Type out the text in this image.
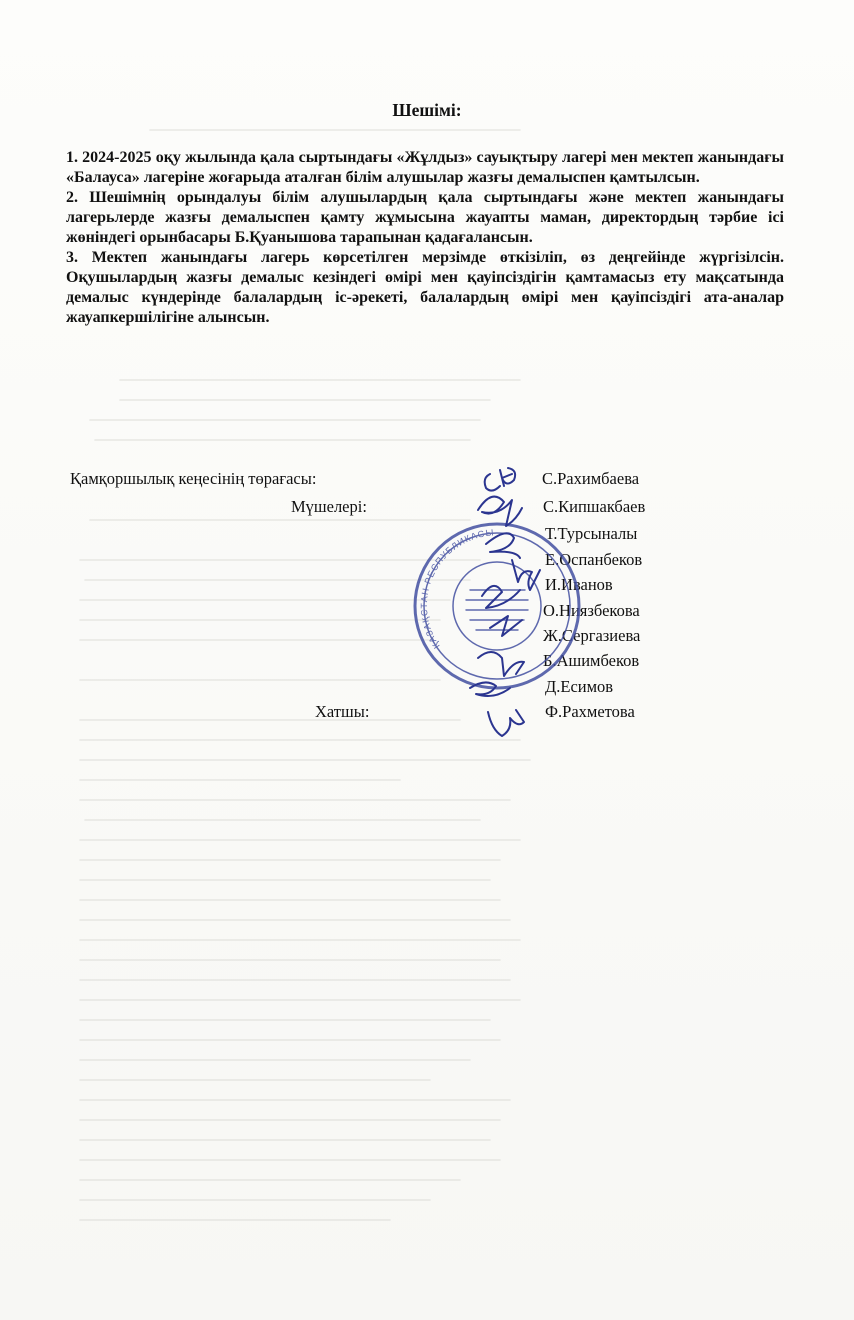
Шешімі:
1. 2024-2025 оқу жылында қала сыртындағы «Жұлдыз» сауықтыру лагері мен мектеп жанындағы «Балауса» лагеріне жоғарыда аталған білім алушылар жазғы демалыспен қамтылсын.
2. Шешімнің орындалуы білім алушылардың қала сыртындағы және мектеп жанындағы лагерьлерде жазғы демалыспен қамту жұмысына жауапты маман, директордың тәрбие ісі жөніндегі орынбасары Б.Қуанышова тарапынан қадағалансын.
3. Мектеп жанындағы лагерь көрсетілген мерзімде өткізіліп, өз деңгейінде жүргізілсін. Оқушылардың жазғы демалыс кезіндегі өмірі мен қауіпсіздігін қамтамасыз ету мақсатында демалыс күндерінде балалардың іс-әрекеті, балалардың өмірі мен қауіпсіздігі ата-аналар жауапкершілігіне алынсын.
Қамқоршылық кеңесінің төрағасы:
Мүшелері:
Хатшы:
С.Рахимбаева
С.Кипшакбаев
Т.Турсыналы
Е.Оспанбеков
И.Иванов
О.Ниязбекова
Ж.Сергазиева
Б.Ашимбеков
Д.Есимов
Ф.Рахметова
ҚАЗАҚСТАН РЕСПУБЛИКАСЫ
